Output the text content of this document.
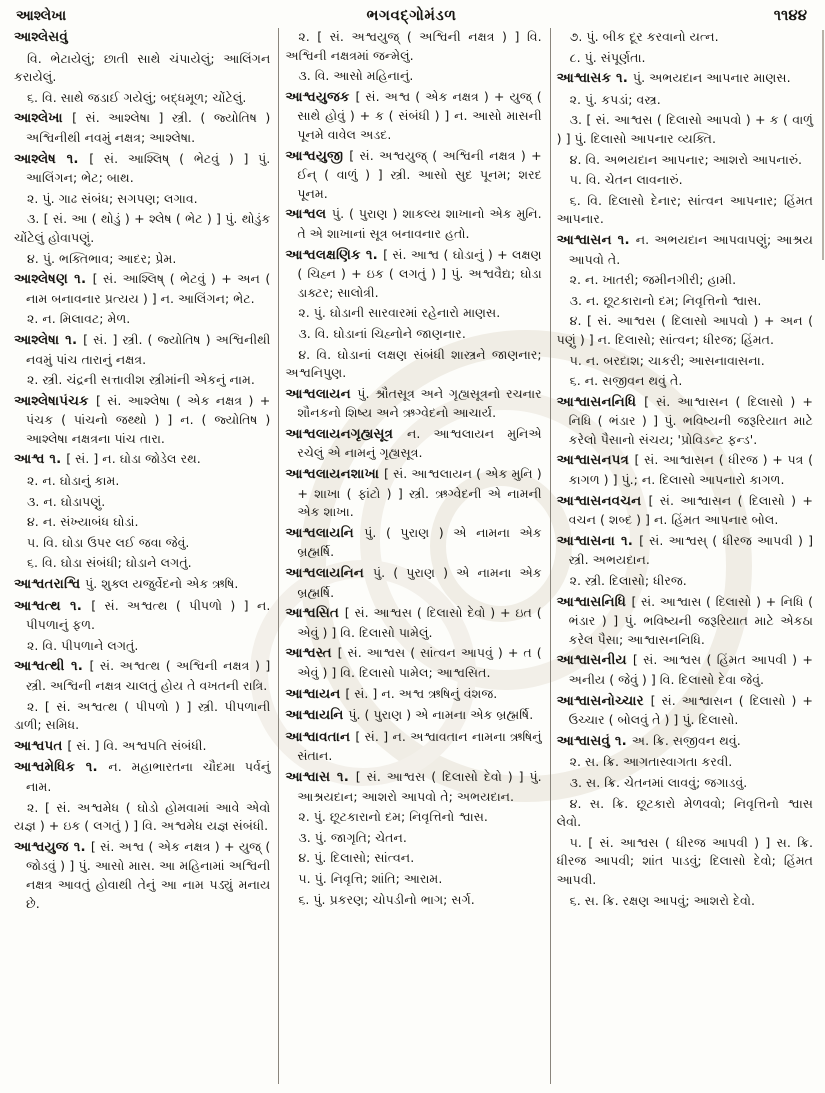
આશ્લેખા	ભગવદ્ગોમંડળ	૧૧૪૪

આશ્લેસવું

વિ. ભેટાયેલું; છાતી સાથે ચંપાયેલું; આલિંગન કરાયેલું.

૬. વિ. સાથે જડાઈ ગયેલું; બદ્ધમૂળ; ચોંટેલું.

આશ્લેખા [ સં. આશ્લેષા ] સ્ત્રી. ( જ્યોતિષ ) અશ્વિનીથી નવમું નક્ષત્ર; આશ્લેષા.

આશ્લેષ ૧. [ સં. આશ્લિષ્ ( ભેટવું ) ] પું. આલિંગન; ભેટ; બાથ.

૨. પું. ગાઢ સંબંધ; સગપણ; લગાવ.

૩. [ સં. આ ( થોડું ) + શ્લેષ ( ભેટ ) ] પું. થોડુંક ચોંટેલું હોવાપણું.

૪. પું. ભક્તિભાવ; આદર; પ્રેમ.

આશ્લેષણ ૧. [ સં. આશ્લિષ્ ( ભેટવું ) + અન ( નામ બનાવનાર પ્રત્યય ) ] ન. આલિંગન; ભેટ.

૨. ન. મિલાવટ; મેળ.

આશ્લેષા ૧. [ સં. ] સ્ત્રી. ( જ્યોતિષ ) અશ્વિનીથી નવમું પાંચ તારાનું નક્ષત્ર.

૨. સ્ત્રી. ચંદ્રની સત્તાવીશ સ્ત્રીમાંની એકનું નામ.

આશ્લેષાપંચક [ સં. આશ્લેષા ( એક નક્ષત્ર ) + પંચક ( પાંચનો જથ્થો ) ] ન. ( જ્યોતિષ ) આશ્લેષા નક્ષત્રના પાંચ તારા.

આશ્વ ૧. [ સં. ] ન. ઘોડા જોડેલ રથ.

૨. ન. ઘોડાનું કામ.

૩. ન. ઘોડાપણું.

૪. ન. સંખ્યાબંધ ઘોડાં.

૫. વિ. ઘોડા ઉપર લઈ જવા જેવું.

૬. વિ. ઘોડા સંબંધી; ઘોડાને લગતું.

આશ્વતરાશ્વિ પું. શુક્લ યજુર્વેદનો એક ઋષિ.

આશ્વત્થ ૧. [ સં. અશ્વત્થ ( પીપળો ) ] ન. પીપળાનું ફળ.

૨. વિ. પીપળાને લગતું.

આશ્વત્થી ૧. [ સં. અશ્વત્થ ( અશ્વિની નક્ષત્ર ) ] સ્ત્રી. અશ્વિની નક્ષત્ર ચાલતું હોય તે વખતની રાત્રિ.

૨. [ સં. અશ્વત્થ ( પીપળો ) ] સ્ત્રી. પીપળાની ડાળી; સમિધ.

આશ્વપત [ સં. ] વિ. અશ્વપતિ સંબંધી.

આશ્વમેધિક ૧. ન. મહાભારતના ચૌદમા પર્વનું નામ.

૨. [ સં. અશ્વમેધ ( ઘોડો હોમવામાં આવે એવો યજ્ઞ ) + ઇક ( લગતું ) ] વિ. અશ્વમેધ યજ્ઞ સંબંધી.

આશ્વયુજ ૧. [ સં. અશ્વ ( એક નક્ષત્ર ) + યુજ્ ( જોડવું ) ] પું. આસો માસ. આ મહિનામાં અશ્વિની નક્ષત્ર આવતું હોવાથી તેનું આ નામ પડ્યું મનાય છે.

૨. [ સં. અશ્વયુજ્ ( અશ્વિની નક્ષત્ર ) ] વિ. અશ્વિની નક્ષત્રમાં જન્મેલું.

૩. વિ. આસો મહિનાનું.

આશ્વયુજક [ સં. અશ્વ ( એક નક્ષત્ર ) + યુજ્ ( સાથે હોવું ) + ક ( સંબંધી ) ] ન. આસો માસની પૂનમે વાવેલ અડદ.

આશ્વયુજી [ સં. અશ્વયુજ્ ( અશ્વિની નક્ષત્ર ) + ઈન્ ( વાળું ) ] સ્ત્રી. આસો સુદ પૂનમ; શરદ પૂનમ.

આશ્વલ પું. ( પુરાણ ) શાકલ્ય શાખાનો એક મુનિ. તે એ શાખાનાં સૂત્ર બનાવનાર હતો.

આશ્વલક્ષણિક ૧. [ સં. આશ્વ ( ઘોડાનું ) + લક્ષણ ( ચિહ્ન ) + ઇક ( લગતું ) ] પું. અશ્વવૈદ્ય; ઘોડા ડાક્ટર; સાલોત્રી.

૨. પું. ઘોડાની સારવારમાં રહેનારો માણસ.

૩. વિ. ઘોડાનાં ચિહ્નોને જાણનાર.

૪. વિ. ઘોડાનાં લક્ષણ સંબંધી શાસ્ત્રને જાણનાર; અશ્વનિપુણ.

આશ્વલાયન પું. શ્રૌતસૂત્ર અને ગૃહ્યસૂત્રનો રચનાર શૌનકનો શિષ્ય અને ઋગ્વેદનો આચાર્ય.

આશ્વલાયનગૃહ્યસૂત્ર ન. આશ્વલાયન મુનિએ રચેલું એ નામનું ગૃહ્યસૂત્ર.

આશ્વલાયનશાખા [ સં. આશ્વલાયન ( એક મુનિ ) + શાખા ( ફાંટો ) ] સ્ત્રી. ઋગ્વેદની એ નામની એક શાખા.

આશ્વલાયનિ પું. ( પુરાણ ) એ નામના એક બ્રહ્મર્ષિ.

આશ્વલાયનિન પું. ( પુરાણ ) એ નામના એક બ્રહ્મર્ષિ.

આશ્વસિત [ સં. આશ્વસ ( દિલાસો દેવો ) + ઇત ( એવું ) ] વિ. દિલાસો પામેલું.

આશ્વસ્ત [ સં. આશ્વસ ( સાંત્વન આપવું ) + ત ( એવું ) ] વિ. દિલાસો પામેલ; આશ્વસિત.

આશ્વાયન [ સં. ] ન. અશ્વ ઋષિનું વંશજ.

આશ્વાયનિ પું. ( પુરાણ ) એ નામના એક બ્રહ્મર્ષિ.

આશ્વાવતાન [ સં. ] ન. અશ્વાવતાન નામના ઋષિનું સંતાન.

આશ્વાસ ૧. [ સં. આશ્વસ ( દિલાસો દેવો ) ] પું. આશ્રયદાન; આશરો આપવો તે; અભયદાન.

૨. પું. છૂટકારાનો દમ; નિવૃત્તિનો શ્વાસ.

૩. પું. જાગૃતિ; ચેતન.

૪. પું. દિલાસો; સાંત્વન.

૫. પું. નિવૃત્તિ; શાંતિ; આરામ.

૬. પું. પ્રકરણ; ચોપડીનો ભાગ; સર્ગ.

૭. પું. બીક દૂર કરવાનો યત્ન.

૮. પું. સંપૂર્ણતા.

આશ્વાસક ૧. પું. અભયદાન આપનાર માણસ.

૨. પું. કપડાં; વસ્ત્ર.

૩. [ સં. આશ્વસ ( દિલાસો આપવો ) + ક ( વાળું ) ] પું. દિલાસો આપનાર વ્યક્તિ.

૪. વિ. અભયદાન આપનાર; આશરો આપનારું.

૫. વિ. ચેતન લાવનારું.

૬. વિ. દિલાસો દેનાર; સાંત્વન આપનાર; હિંમત આપનાર.

આશ્વાસન ૧. ન. અભયદાન આપવાપણું; આશ્રય આપવો તે.

૨. ન. ખાતરી; જમીનગીરી; હામી.

૩. ન. છૂટકારાનો દમ; નિવૃત્તિનો શ્વાસ.

૪. [ સં. આશ્વસ ( દિલાસો આપવો ) + અન ( પણું ) ] ન. દિલાસો; સાંત્વન; ધીરજ; હિંમત.

૫. ન. બરદાશ; ચાકરી; આસનાવાસના.

૬. ન. સજીવન થવું તે.

આશ્વાસનનિધિ [ સં. આશ્વાસન ( દિલાસો ) + નિધિ ( ભંડાર ) ] પું. ભવિષ્યની જરૂરિયાત માટે કરેલો પૈસાનો સંચય; 'પ્રોવિડન્ટ ફન્ડ'.

આશ્વાસનપત્ર [ સં. આશ્વાસન ( ધીરજ ) + પત્ર ( કાગળ ) ] પું.; ન. દિલાસો આપનારો કાગળ.

આશ્વાસનવચન [ સં. આશ્વાસન ( દિલાસો ) + વચન ( શબ્દ ) ] ન. હિંમત આપનાર બોલ.

આશ્વાસના ૧. [ સં. આશ્વસ્ ( ધીરજ આપવી ) ] સ્ત્રી. અભયદાન.

૨. સ્ત્રી. દિલાસો; ધીરજ.

આશ્વાસનિધિ [ સં. આશ્વાસ ( દિલાસો ) + નિધિ ( ભંડાર ) ] પું. ભવિષ્યની જરૂરિયાત માટે એકઠા કરેલ પૈસા; આશ્વાસનનિધિ.

આશ્વાસનીય [ સં. આશ્વસ ( હિંમત આપવી ) + અનીય ( જેવું ) ] વિ. દિલાસો દેવા જેવું.

આશ્વાસનોચ્ચાર [ સં. આશ્વાસન ( દિલાસો ) + ઉચ્ચાર ( બોલવું તે ) ] પું. દિલાસો.

આશ્વાસવું ૧. અ. ક્રિ. સજીવન થવું.

૨. સ. ક્રિ. આગતાસ્વાગતા કરવી.

૩. સ. ક્રિ. ચેતનમાં લાવવું; જગાડવું.

૪. સ. ક્રિ. છૂટકારો મેળવવો; નિવૃત્તિનો શ્વાસ લેવો.

૫. [ સં. આશ્વસ ( ધીરજ આપવી ) ] સ. ક્રિ. ધીરજ આપવી; શાંત પાડવું; દિલાસો દેવો; હિંમત આપવી.

૬. સ. ક્રિ. રક્ષણ આપવું; આશરો દેવો.
